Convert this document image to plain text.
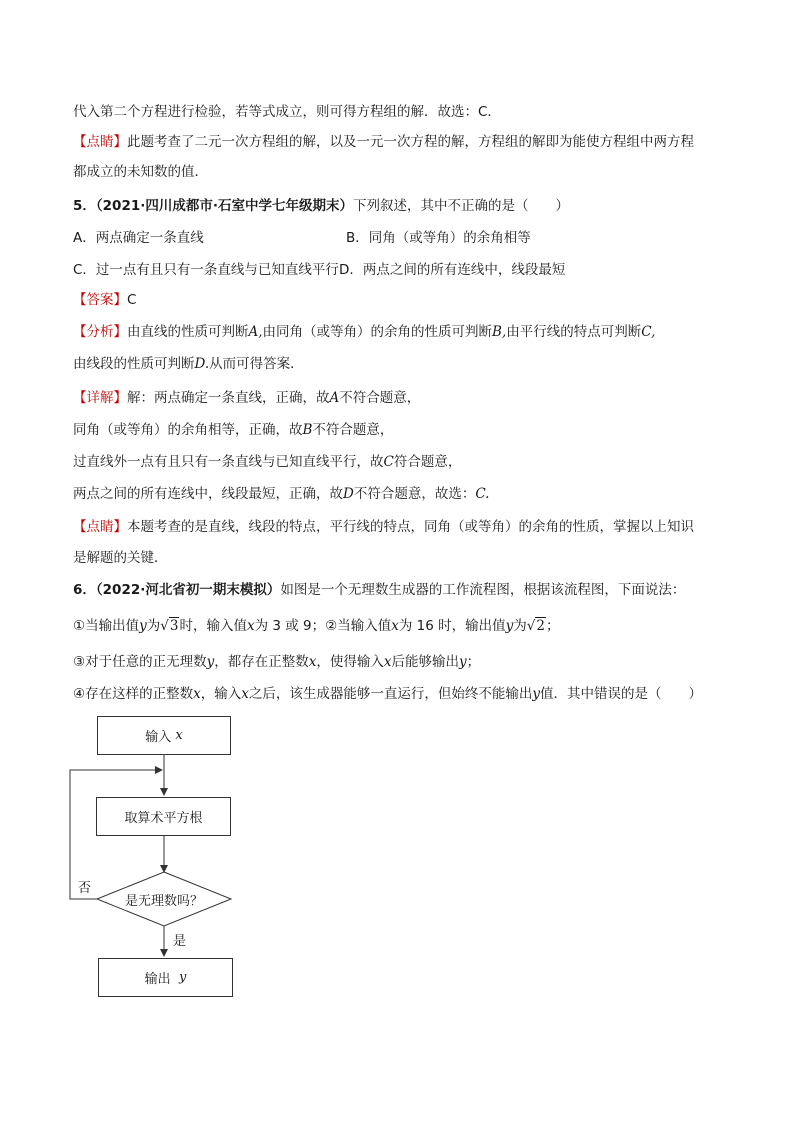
代入第二个方程进行检验，若等式成立，则可得方程组的解．故选：C．
【点睛】此题考查了二元一次方程组的解，以及一元一次方程的解，方程组的解即为能使方程组中两方程
都成立的未知数的值．
5．（2021·四川成都市·石室中学七年级期末）下列叙述，其中不正确的是（　　）
A．两点确定一条直线	B．同角（或等角）的余角相等
C．过一点有且只有一条直线与已知直线平行D．两点之间的所有连线中，线段最短
【答案】C
【分析】由直线的性质可判断A,由同角（或等角）的余角的性质可判断B,由平行线的特点可判断C,
由线段的性质可判断D.从而可得答案．
【详解】解：两点确定一条直线，正确，故A不符合题意，
同角（或等角）的余角相等，正确，故B不符合题意，
过直线外一点有且只有一条直线与已知直线平行，故C符合题意，
两点之间的所有连线中，线段最短，正确，故D不符合题意，故选：C.
【点睛】本题考查的是直线，线段的特点，平行线的特点，同角（或等角）的余角的性质，掌握以上知识
是解题的关键．
6．（2022·河北省初一期末模拟）如图是一个无理数生成器的工作流程图，根据该流程图，下面说法：
①当输出值y为√3时，输入值x为 3 或 9；②当输入值x为 16 时，输出值y为√2；
③对于任意的正无理数y，都存在正整数x，使得输入x后能够输出y；
④存在这样的正整数x，输入x之后，该生成器能够一直运行，但始终不能输出y值．其中错误的是（　　）
输入
x
取算术平方根
是无理数吗？
否
是
输出
y
